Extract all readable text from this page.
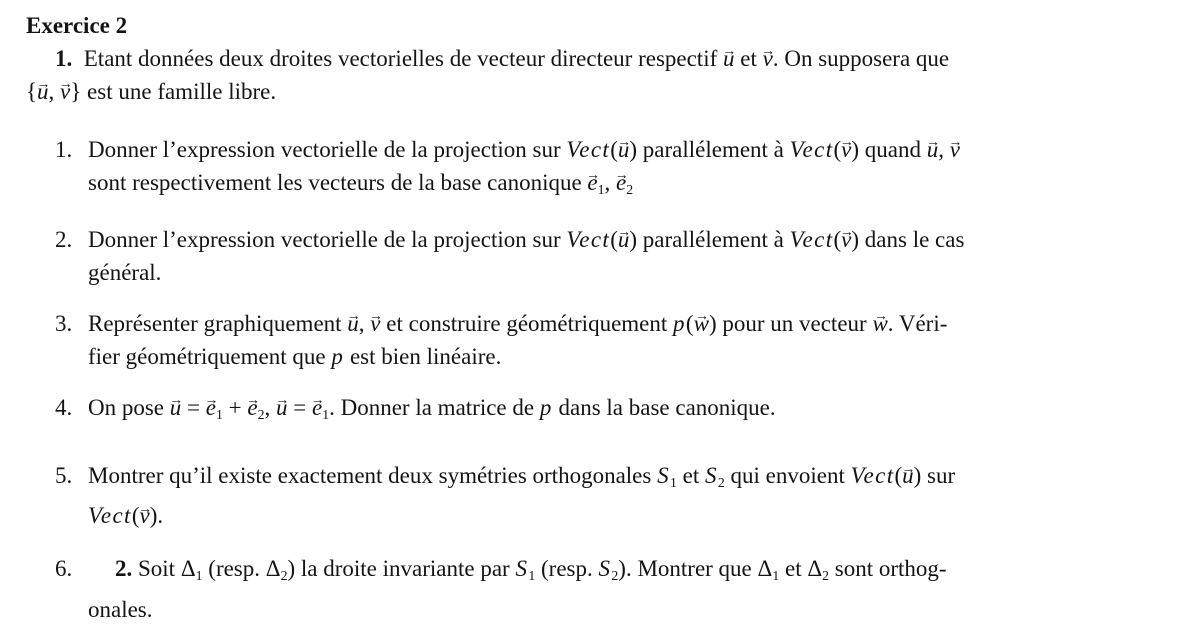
Exercice 2
1.  Etant données deux droites vectorielles de vecteur directeur respectif u → et v →. On supposera que
{u →, v →} est une famille libre.
1. Donner l’expression vectorielle de la projection sur Vect(u →) parallélement à Vect(v →) quand u →, v →
sont respectivement les vecteurs de la base canonique e →1, e →2
2. Donner l’expression vectorielle de la projection sur Vect(u →) parallélement à Vect(v →) dans le cas
général.
3. Représenter graphiquement u →, v → et construire géométriquement p(w →) pour un vecteur w →. Véri-
fier géométriquement que p est bien linéaire.
4. On pose u → = e →1 + e →2, u → = e →1. Donner la matrice de p dans la base canonique.
5. Montrer qu’il existe exactement deux symétries orthogonales S1 et S2 qui envoient Vect(u →) sur
Vect(v →).
6.	2. Soit Δ1 (resp. Δ2) la droite invariante par S1 (resp. S2). Montrer que Δ1 et Δ2 sont orthog-
onales.
